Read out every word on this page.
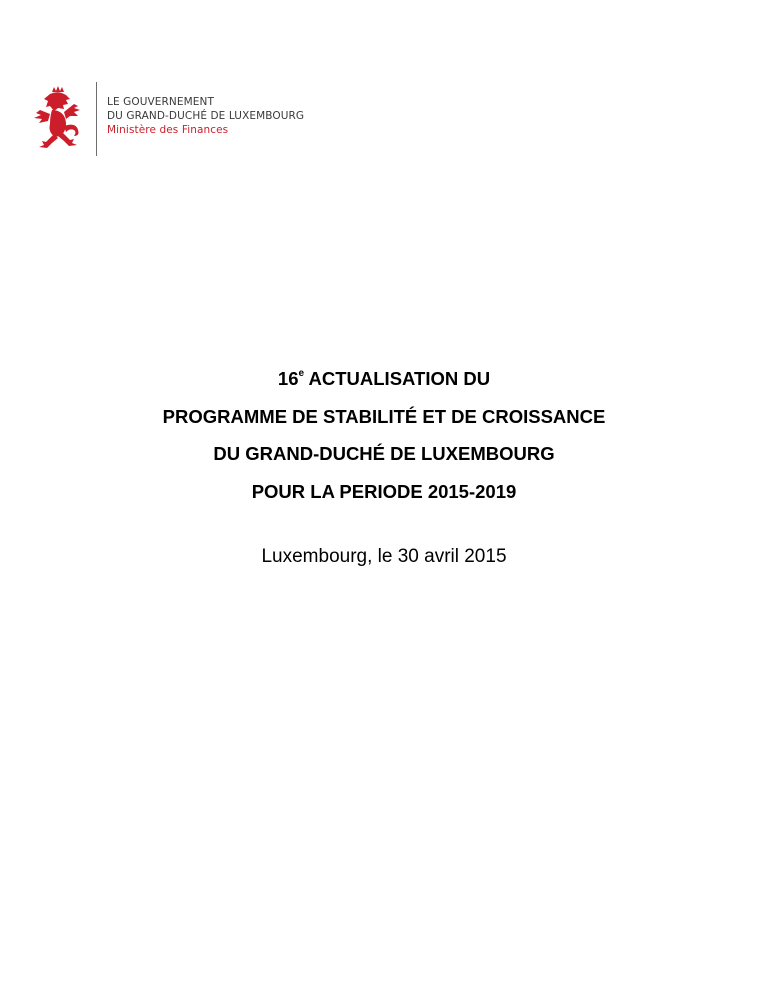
LE GOUVERNEMENT
DU GRAND-DUCHÉ DE LUXEMBOURG
Ministère des Finances
16e ACTUALISATION DU
PROGRAMME DE STABILITÉ ET DE CROISSANCE
DU GRAND-DUCHÉ DE LUXEMBOURG
POUR LA PERIODE 2015-2019
Luxembourg, le 30 avril 2015
